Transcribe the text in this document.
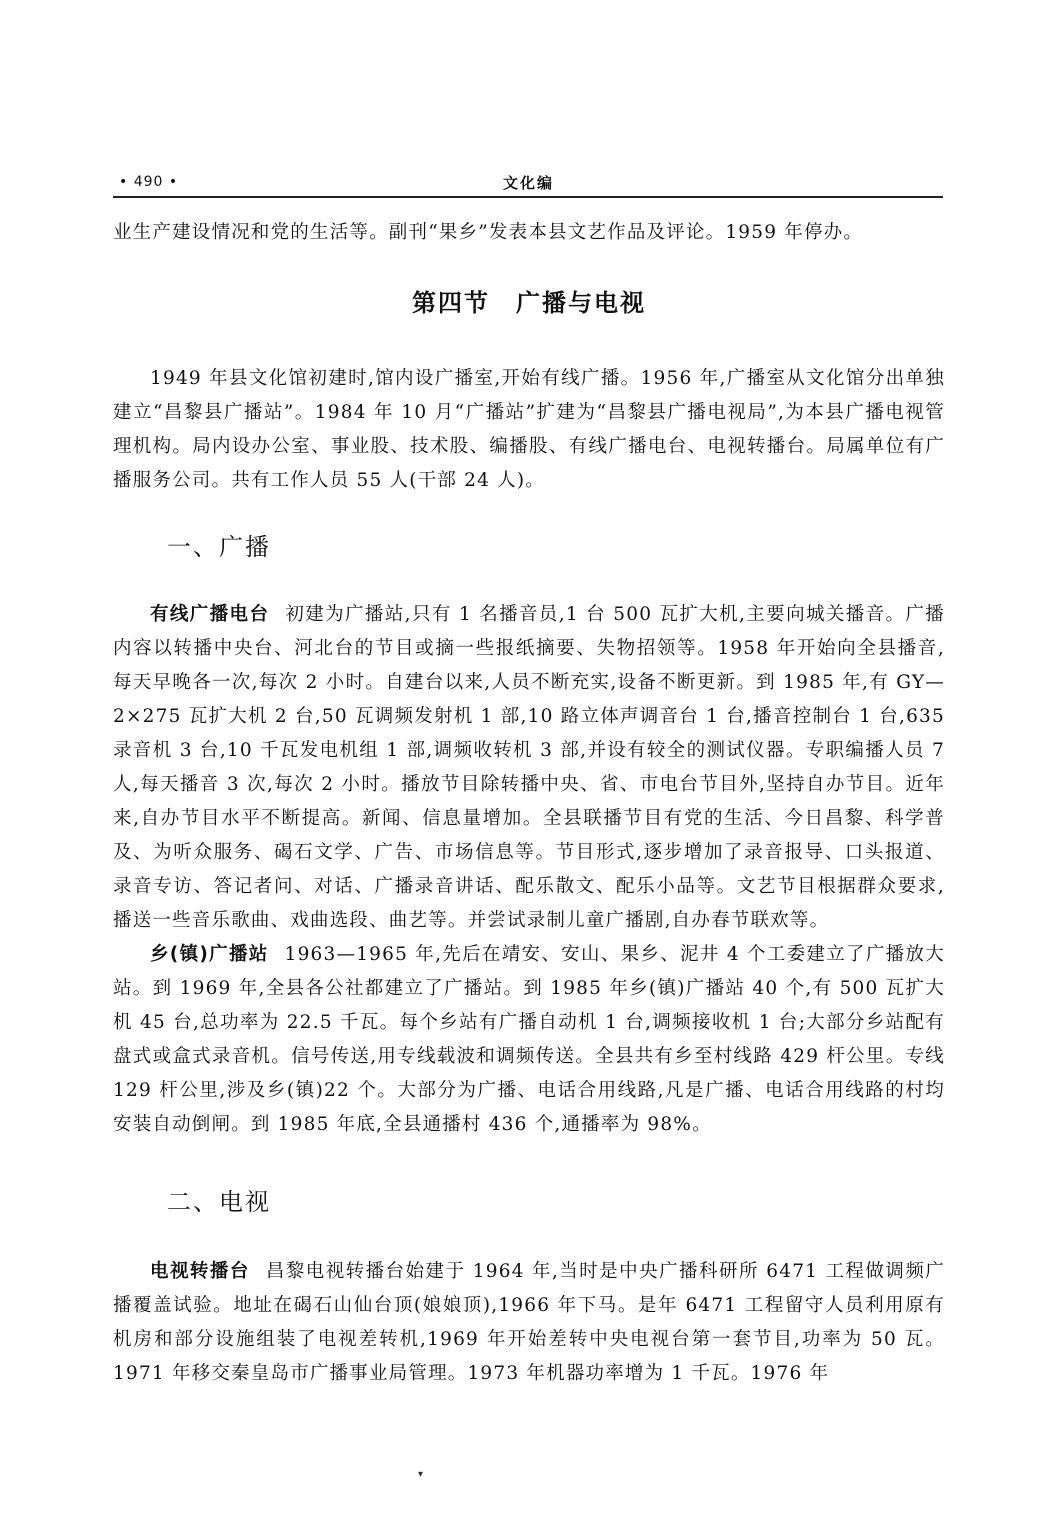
• 490 •	文化编

业生产建设情况和党的生活等。副刊“果乡”发表本县文艺作品及评论。1959 年停办。

第四节　广播与电视

1949 年县文化馆初建时,馆内设广播室,开始有线广播。1956 年,广播室从文化馆分出单独建立“昌黎县广播站”。1984 年 10 月“广播站”扩建为“昌黎县广播电视局”,为本县广播电视管理机构。局内设办公室、事业股、技术股、编播股、有线广播电台、电视转播台。局属单位有广播服务公司。共有工作人员 55 人(干部 24 人)。

一、广播

有线广播电台 初建为广播站,只有 1 名播音员,1 台 500 瓦扩大机,主要向城关播音。广播内容以转播中央台、河北台的节目或摘一些报纸摘要、失物招领等。1958 年开始向全县播音,每天早晚各一次,每次 2 小时。自建台以来,人员不断充实,设备不断更新。到 1985 年,有 GY—2×275 瓦扩大机 2 台,50 瓦调频发射机 1 部,10 路立体声调音台 1 台,播音控制台 1 台,635 录音机 3 台,10 千瓦发电机组 1 部,调频收转机 3 部,并设有较全的测试仪器。专职编播人员 7 人,每天播音 3 次,每次 2 小时。播放节目除转播中央、省、市电台节目外,坚持自办节目。近年来,自办节目水平不断提高。新闻、信息量增加。全县联播节目有党的生活、今日昌黎、科学普及、为听众服务、碣石文学、广告、市场信息等。节目形式,逐步增加了录音报导、口头报道、录音专访、答记者问、对话、广播录音讲话、配乐散文、配乐小品等。文艺节目根据群众要求,播送一些音乐歌曲、戏曲选段、曲艺等。并尝试录制儿童广播剧,自办春节联欢等。

乡(镇)广播站 1963—1965 年,先后在靖安、安山、果乡、泥井 4 个工委建立了广播放大站。到 1969 年,全县各公社都建立了广播站。到 1985 年乡(镇)广播站 40 个,有 500 瓦扩大机 45 台,总功率为 22.5 千瓦。每个乡站有广播自动机 1 台,调频接收机 1 台;大部分乡站配有盘式或盒式录音机。信号传送,用专线载波和调频传送。全县共有乡至村线路 429 杆公里。专线 129 杆公里,涉及乡(镇)22 个。大部分为广播、电话合用线路,凡是广播、电话合用线路的村均安装自动倒闸。到 1985 年底,全县通播村 436 个,通播率为 98%。

二、电视

电视转播台 昌黎电视转播台始建于 1964 年,当时是中央广播科研所 6471 工程做调频广播覆盖试验。地址在碣石山仙台顶(娘娘顶),1966 年下马。是年 6471 工程留守人员利用原有机房和部分设施组装了电视差转机,1969 年开始差转中央电视台第一套节目,功率为 50 瓦。1971 年移交秦皇岛市广播事业局管理。1973 年机器功率增为 1 千瓦。1976 年

▾
